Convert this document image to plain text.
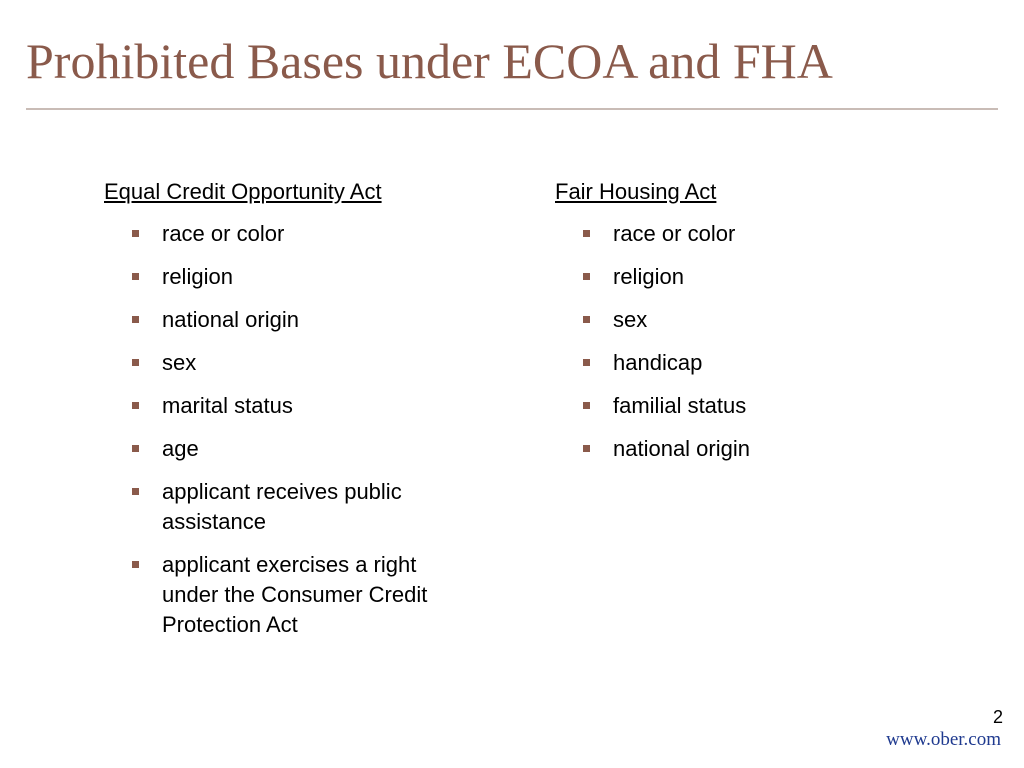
Prohibited Bases under ECOA and FHA
Equal Credit Opportunity Act
race or color
religion
national origin
sex
marital status
age
applicant receives public assistance
applicant exercises a right under the Consumer Credit Protection Act
Fair Housing Act
race or color
religion
sex
handicap
familial status
national origin
2
www.ober.com
